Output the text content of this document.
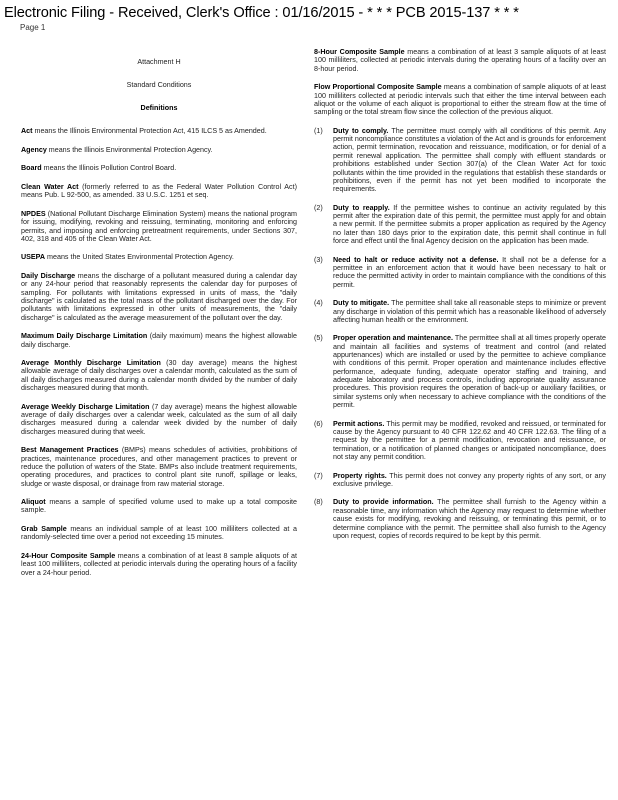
Electronic Filing - Received, Clerk's Office : 01/16/2015 - * * * PCB 2015-137 * * *
Page 1

Attachment H

Standard Conditions

Definitions

Act means the Illinois Environmental Protection Act, 415 ILCS 5 as Amended.

Agency means the Illinois Environmental Protection Agency.

Board means the Illinois Pollution Control Board.

Clean Water Act (formerly referred to as the Federal Water Pollution Control Act) means Pub. L 92-500, as amended. 33 U.S.C. 1251 et seq.

NPDES (National Pollutant Discharge Elimination System) means the national program for issuing, modifying, revoking and reissuing, terminating, monitoring and enforcing permits, and imposing and enforcing pretreatment requirements, under Sections 307, 402, 318 and 405 of the Clean Water Act.

USEPA means the United States Environmental Protection Agency.

Daily Discharge means the discharge of a pollutant measured during a calendar day or any 24-hour period that reasonably represents the calendar day for purposes of sampling. For pollutants with limitations expressed in units of mass, the "daily discharge" is calculated as the total mass of the pollutant discharged over the day. For pollutants with limitations expressed in other units of measurements, the "daily discharge" is calculated as the average measurement of the pollutant over the day.

Maximum Daily Discharge Limitation (daily maximum) means the highest allowable daily discharge.

Average Monthly Discharge Limitation (30 day average) means the highest allowable average of daily discharges over a calendar month, calculated as the sum of all daily discharges measured during a calendar month divided by the number of daily discharges measured during that month.

Average Weekly Discharge Limitation (7 day average) means the highest allowable average of daily discharges over a calendar week, calculated as the sum of all daily discharges measured during a calendar week divided by the number of daily discharges measured during that week.

Best Management Practices (BMPs) means schedules of activities, prohibitions of practices, maintenance procedures, and other management practices to prevent or reduce the pollution of waters of the State. BMPs also include treatment requirements, operating procedures, and practices to control plant site runoff, spillage or leaks, sludge or waste disposal, or drainage from raw material storage.

Aliquot means a sample of specified volume used to make up a total composite sample.

Grab Sample means an individual sample of at least 100 milliliters collected at a randomly-selected time over a period not exceeding 15 minutes.

24-Hour Composite Sample means a combination of at least 8 sample aliquots of at least 100 milliliters, collected at periodic intervals during the operating hours of a facility over a 24-hour period.

8-Hour Composite Sample means a combination of at least 3 sample aliquots of at least 100 milliliters, collected at periodic intervals during the operating hours of a facility over an 8-hour period.

Flow Proportional Composite Sample means a combination of sample aliquots of at least 100 milliliters collected at periodic intervals such that either the time interval between each aliquot or the volume of each aliquot is proportional to either the stream flow at the time of sampling or the total stream flow since the collection of the previous aliquot.

(1)	Duty to comply. The permittee must comply with all conditions of this permit. Any permit noncompliance constitutes a violation of the Act and is grounds for enforcement action, permit termination, revocation and reissuance, modification, or for denial of a permit renewal application. The permittee shall comply with effluent standards or prohibitions established under Section 307(a) of the Clean Water Act for toxic pollutants within the time provided in the regulations that establish these standards or prohibitions, even if the permit has not yet been modified to incorporate the requirements.
(2)	Duty to reapply. If the permittee wishes to continue an activity regulated by this permit after the expiration date of this permit, the permittee must apply for and obtain a new permit. If the permittee submits a proper application as required by the Agency no later than 180 days prior to the expiration date, this permit shall continue in full force and effect until the final Agency decision on the application has been made.
(3)	Need to halt or reduce activity not a defense. It shall not be a defense for a permittee in an enforcement action that it would have been necessary to halt or reduce the permitted activity in order to maintain compliance with the conditions of this permit.
(4)	Duty to mitigate. The permittee shall take all reasonable steps to minimize or prevent any discharge in violation of this permit which has a reasonable likelihood of adversely affecting human health or the environment.
(5)	Proper operation and maintenance. The permittee shall at all times properly operate and maintain all facilities and systems of treatment and control (and related appurtenances) which are installed or used by the permittee to achieve compliance with conditions of this permit. Proper operation and maintenance includes effective performance, adequate funding, adequate operator staffing and training, and adequate laboratory and process controls, including appropriate quality assurance procedures. This provision requires the operation of back-up or auxiliary facilities, or similar systems only when necessary to achieve compliance with the conditions of the permit.
(6)	Permit actions. This permit may be modified, revoked and reissued, or terminated for cause by the Agency pursuant to 40 CFR 122.62 and 40 CFR 122.63. The filing of a request by the permittee for a permit modification, revocation and reissuance, or termination, or a notification of planned changes or anticipated noncompliance, does not stay any permit condition.
(7)	Property rights. This permit does not convey any property rights of any sort, or any exclusive privilege.
(8)	Duty to provide information. The permittee shall furnish to the Agency within a reasonable time, any information which the Agency may request to determine whether cause exists for modifying, revoking and reissuing, or terminating this permit, or to determine compliance with the permit. The permittee shall also furnish to the Agency upon request, copies of records required to be kept by this permit.
